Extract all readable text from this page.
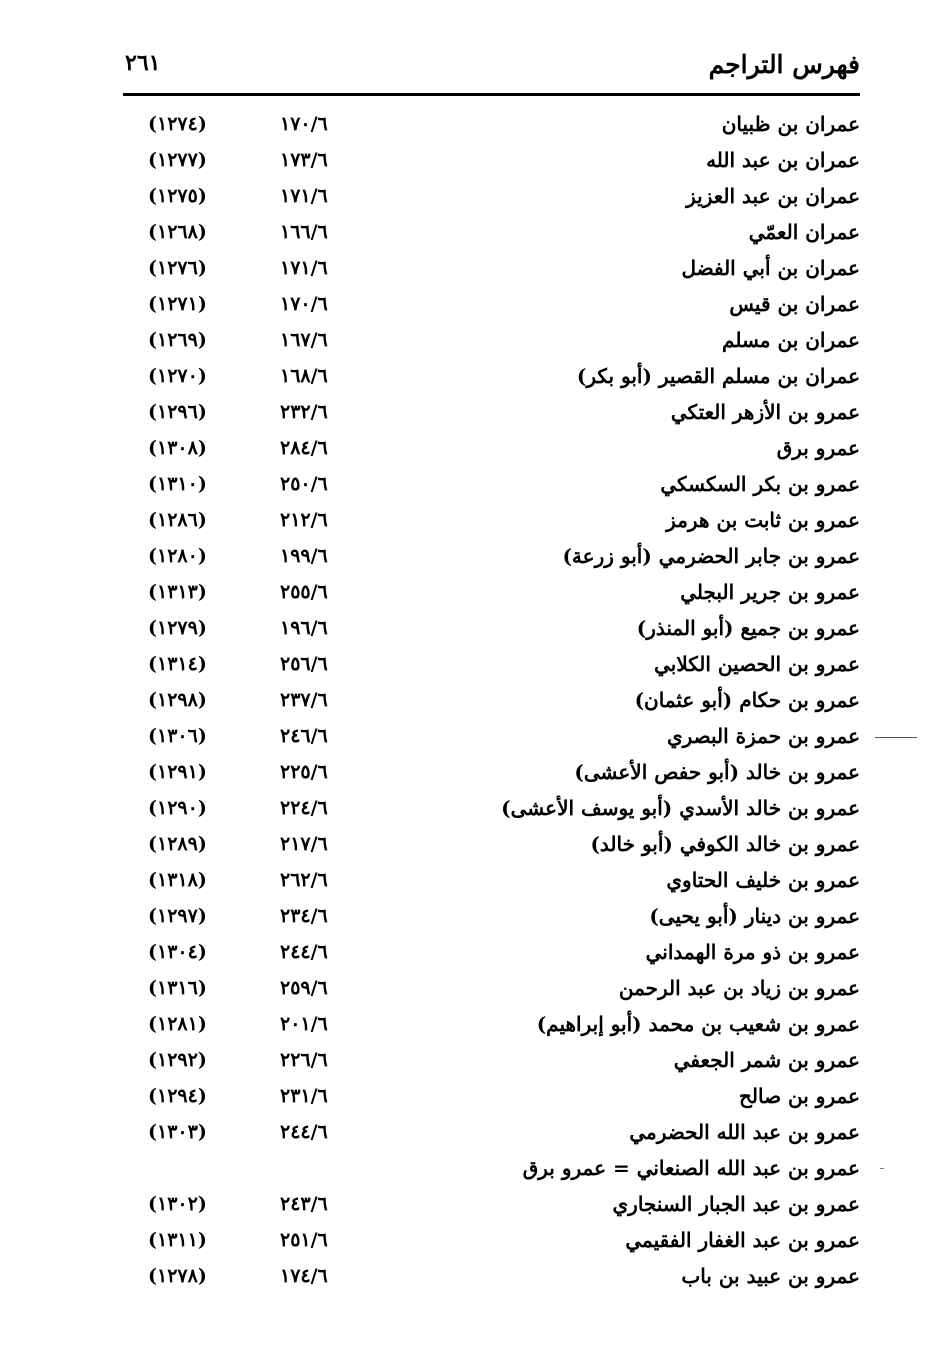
فهرس التراجم
٢٦١
عمران بن ظبيان
١٧٠/٦
(١٢٧٤)
عمران بن عبد الله
١٧٣/٦
(١٢٧٧)
عمران بن عبد العزيز
١٧١/٦
(١٢٧٥)
عمران العمّي
١٦٦/٦
(١٢٦٨)
عمران بن أبي الفضل
١٧١/٦
(١٢٧٦)
عمران بن قيس
١٧٠/٦
(١٢٧١)
عمران بن مسلم
١٦٧/٦
(١٢٦٩)
عمران بن مسلم القصير (أبو بكر)
١٦٨/٦
(١٢٧٠)
عمرو بن الأزهر العتكي
٢٣٢/٦
(١٢٩٦)
عمرو برق
٢٨٤/٦
(١٣٠٨)
عمرو بن بكر السكسكي
٢٥٠/٦
(١٣١٠)
عمرو بن ثابت بن هرمز
٢١٢/٦
(١٢٨٦)
عمرو بن جابر الحضرمي (أبو زرعة)
١٩٩/٦
(١٢٨٠)
عمرو بن جرير البجلي
٢٥٥/٦
(١٣١٣)
عمرو بن جميع (أبو المنذر)
١٩٦/٦
(١٢٧٩)
عمرو بن الحصين الكلابي
٢٥٦/٦
(١٣١٤)
عمرو بن حكام (أبو عثمان)
٢٣٧/٦
(١٢٩٨)
عمرو بن حمزة البصري
٢٤٦/٦
(١٣٠٦)
عمرو بن خالد (أبو حفص الأعشى)
٢٢٥/٦
(١٢٩١)
عمرو بن خالد الأسدي (أبو يوسف الأعشى)
٢٢٤/٦
(١٢٩٠)
عمرو بن خالد الكوفي (أبو خالد)
٢١٧/٦
(١٢٨٩)
عمرو بن خليف الحتاوي
٢٦٢/٦
(١٣١٨)
عمرو بن دينار (أبو يحيى)
٢٣٤/٦
(١٢٩٧)
عمرو بن ذو مرة الهمداني
٢٤٤/٦
(١٣٠٤)
عمرو بن زياد بن عبد الرحمن
٢٥٩/٦
(١٣١٦)
عمرو بن شعيب بن محمد (أبو إبراهيم)
٢٠١/٦
(١٢٨١)
عمرو بن شمر الجعفي
٢٢٦/٦
(١٢٩٢)
عمرو بن صالح
٢٣١/٦
(١٢٩٤)
عمرو بن عبد الله الحضرمي
٢٤٤/٦
(١٣٠٣)
عمرو بن عبد الله الصنعاني = عمرو برق
عمرو بن عبد الجبار السنجاري
٢٤٣/٦
(١٣٠٢)
عمرو بن عبد الغفار الفقيمي
٢٥١/٦
(١٣١١)
عمرو بن عبيد بن باب
١٧٤/٦
(١٢٧٨)
